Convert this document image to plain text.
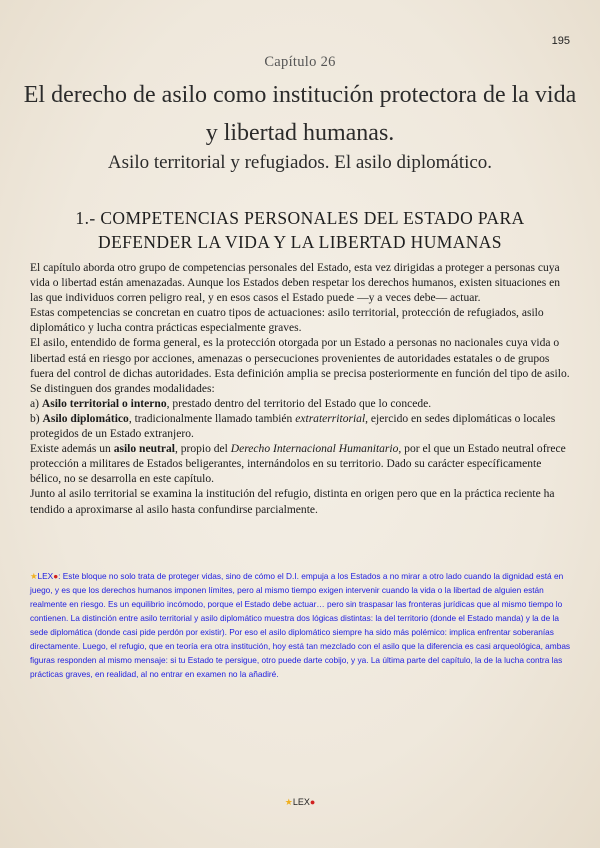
195
Capítulo 26
El derecho de asilo como institución protectora de la vida y libertad humanas.
Asilo territorial y refugiados. El asilo diplomático.
1.- COMPETENCIAS PERSONALES DEL ESTADO PARA DEFENDER LA VIDA Y LA LIBERTAD HUMANAS

El capítulo aborda otro grupo de competencias personales del Estado, esta vez dirigidas a proteger a personas cuya vida o libertad están amenazadas. Aunque los Estados deben respetar los derechos humanos, existen situaciones en las que individuos corren peligro real, y en esos casos el Estado puede —y a veces debe— actuar.

Estas competencias se concretan en cuatro tipos de actuaciones: asilo territorial, protección de refugiados, asilo diplomático y lucha contra prácticas especialmente graves.

El asilo, entendido de forma general, es la protección otorgada por un Estado a personas no nacionales cuya vida o libertad está en riesgo por acciones, amenazas o persecuciones provenientes de autoridades estatales o de grupos fuera del control de dichas autoridades. Esta definición amplia se precisa posteriormente en función del tipo de asilo.

Se distinguen dos grandes modalidades:

a) Asilo territorial o interno, prestado dentro del territorio del Estado que lo concede.

b) Asilo diplomático, tradicionalmente llamado también extraterritorial, ejercido en sedes diplomáticas o locales protegidos de un Estado extranjero.

Existe además un asilo neutral, propio del Derecho Internacional Humanitario, por el que un Estado neutral ofrece protección a militares de Estados beligerantes, internándolos en su territorio. Dado su carácter específicamente bélico, no se desarrolla en este capítulo.

Junto al asilo territorial se examina la institución del refugio, distinta en origen pero que en la práctica reciente ha tendido a aproximarse al asilo hasta confundirse parcialmente.

★LEX●: Este bloque no solo trata de proteger vidas, sino de cómo el D.I. empuja a los Estados a no mirar a otro lado cuando la dignidad está en juego, y es que los derechos humanos imponen límites, pero al mismo tiempo exigen intervenir cuando la vida o la libertad de alguien están realmente en riesgo. Es un equilibrio incómodo, porque el Estado debe actuar… pero sin traspasar las fronteras jurídicas que al mismo tiempo lo contienen. La distinción entre asilo territorial y asilo diplomático muestra dos lógicas distintas: la del territorio (donde el Estado manda) y la de la sede diplomática (donde casi pide perdón por existir). Por eso el asilo diplomático siempre ha sido más polémico: implica enfrentar soberanías directamente. Luego, el refugio, que en teoría era otra institución, hoy está tan mezclado con el asilo que la diferencia es casi arqueológica, ambas figuras responden al mismo mensaje: si tu Estado te persigue, otro puede darte cobijo, y ya. La última parte del capítulo, la de la lucha contra las prácticas graves, en realidad, al no entrar en examen no la añadiré.
★LEX●
